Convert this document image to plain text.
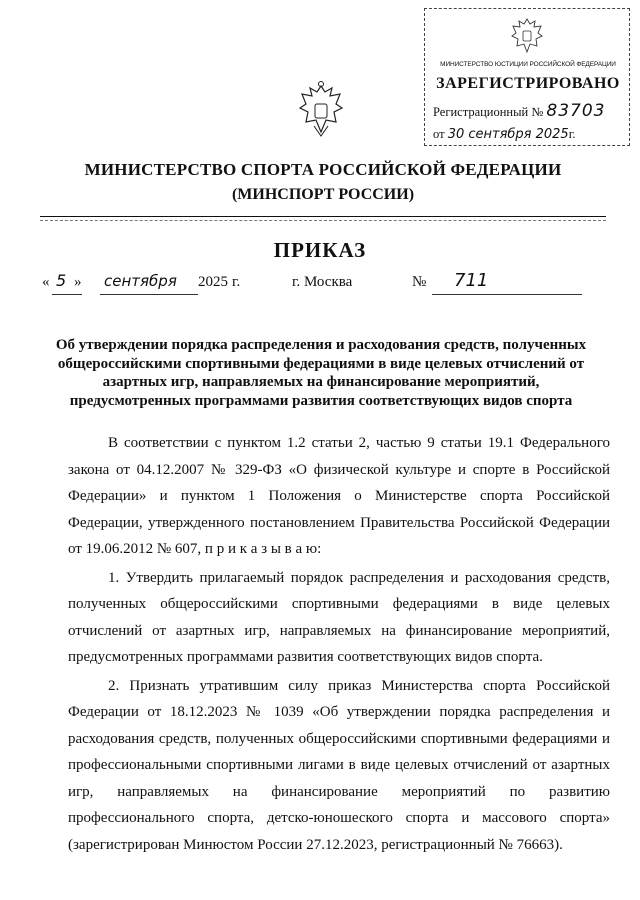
МИНИСТЕРСТВО ЮСТИЦИИ РОССИЙСКОЙ ФЕДЕРАЦИИ
ЗАРЕГИСТРИРОВАНО
Регистрационный № 83703
от 30 сентября 2025г.
МИНИСТЕРСТВО СПОРТА РОССИЙСКОЙ ФЕДЕРАЦИИ
(МИНСПОРТ РОССИИ)
ПРИКАЗ
« 5 » сентября 2025 г.	г. Москва	№ 711
Об утверждении порядка распределения и расходования средств, полученных общероссийскими спортивными федерациями в виде целевых отчислений от азартных игр, направляемых на финансирование мероприятий, предусмотренных программами развития соответствующих видов спорта

В соответствии с пунктом 1.2 статьи 2, частью 9 статьи 19.1 Федерального закона от 04.12.2007 № 329-ФЗ «О физической культуре и спорте в Российской Федерации» и пунктом 1 Положения о Министерстве спорта Российской Федерации, утвержденного постановлением Правительства Российской Федерации от 19.06.2012 № 607, п р и к а з ы в а ю:

1. Утвердить прилагаемый порядок распределения и расходования средств, полученных общероссийскими спортивными федерациями в виде целевых отчислений от азартных игр, направляемых на финансирование мероприятий, предусмотренных программами развития соответствующих видов спорта.

2. Признать утратившим силу приказ Министерства спорта Российской Федерации от 18.12.2023 № 1039 «Об утверждении порядка распределения и расходования средств, полученных общероссийскими спортивными федерациями и профессиональными спортивными лигами в виде целевых отчислений от азартных игр, направляемых на финансирование мероприятий по развитию профессионального спорта, детско-юношеского спорта и массового спорта» (зарегистрирован Минюстом России 27.12.2023, регистрационный № 76663).
